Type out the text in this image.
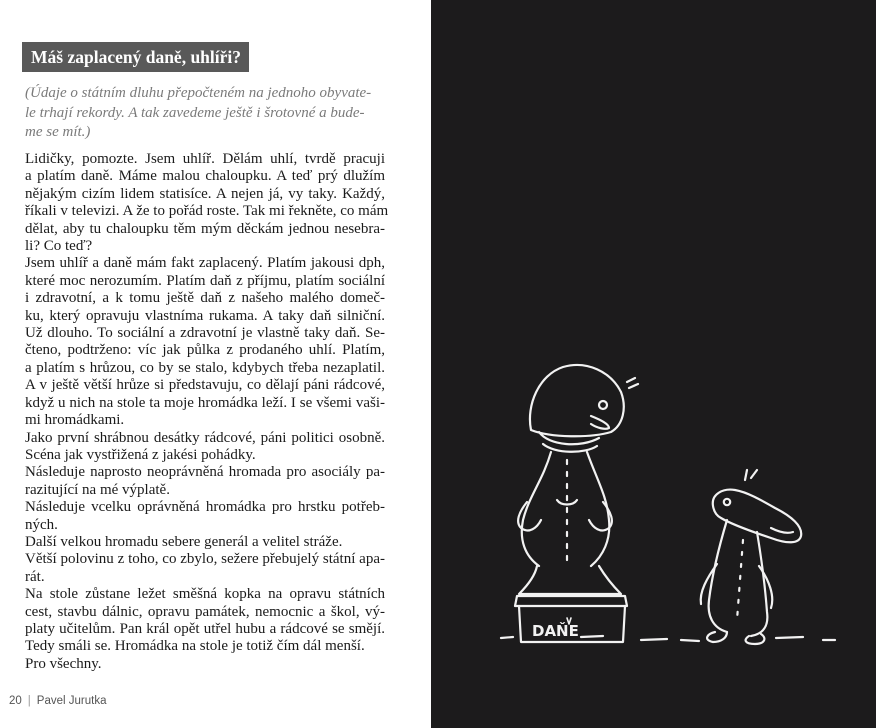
Máš zaplacený daně, uhlíři?
(Údaje o státním dluhu přepočteném na jednoho obyvate-
le trhají rekordy. A tak zavedeme ještě i šrotovné a bude-
me se mít.)
Lidičky, pomozte. Jsem uhlíř. Dělám uhlí, tvrdě pracuji
a platím daně. Máme malou chaloupku. A teď prý dlužím
nějakým cizím lidem statisíce. A nejen já, vy taky. Každý,
říkali v televizi. A že to pořád roste. Tak mi řekněte, co mám
dělat, aby tu chaloupku těm mým děckám jednou nesebra-
li? Co teď?
Jsem uhlíř a daně mám fakt zaplacený. Platím jakousi dph,
které moc nerozumím. Platím daň z příjmu, platím sociální
i zdravotní, a k tomu ještě daň z našeho malého domeč-
ku, který opravuju vlastníma rukama. A taky daň silniční.
Už dlouho. To sociální a zdravotní je vlastně taky daň. Se-
čteno, podtrženo: víc jak půlka z prodaného uhlí. Platím,
a platím s hrůzou, co by se stalo, kdybych třeba nezaplatil.
A v ještě větší hrůze si představuju, co dělají páni rádcové,
když u nich na stole ta moje hromádka leží. I se všemi vaši-
mi hromádkami.
Jako první shrábnou desátky rádcové, páni politici osobně.
Scéna jak vystřižená z jakési pohádky.
Následuje naprosto neoprávněná hromada pro asociály pa-
razitující na mé výplatě.
Následuje vcelku oprávněná hromádka pro hrstku potřeb-
ných.
Další velkou hromadu sebere generál a velitel stráže.
Větší polovinu z toho, co zbylo, sežere přebujelý státní apa-
rát.
Na stole zůstane ležet směšná kopka na opravu státních
cest, stavbu dálnic, opravu památek, nemocnic a škol, vý-
platy učitelům. Pan král opět utřel hubu a rádcové se smějí.
Tedy smáli se. Hromádka na stole je totiž čím dál menší.
Pro všechny.
20 | Pavel Jurutka
DAŇE
